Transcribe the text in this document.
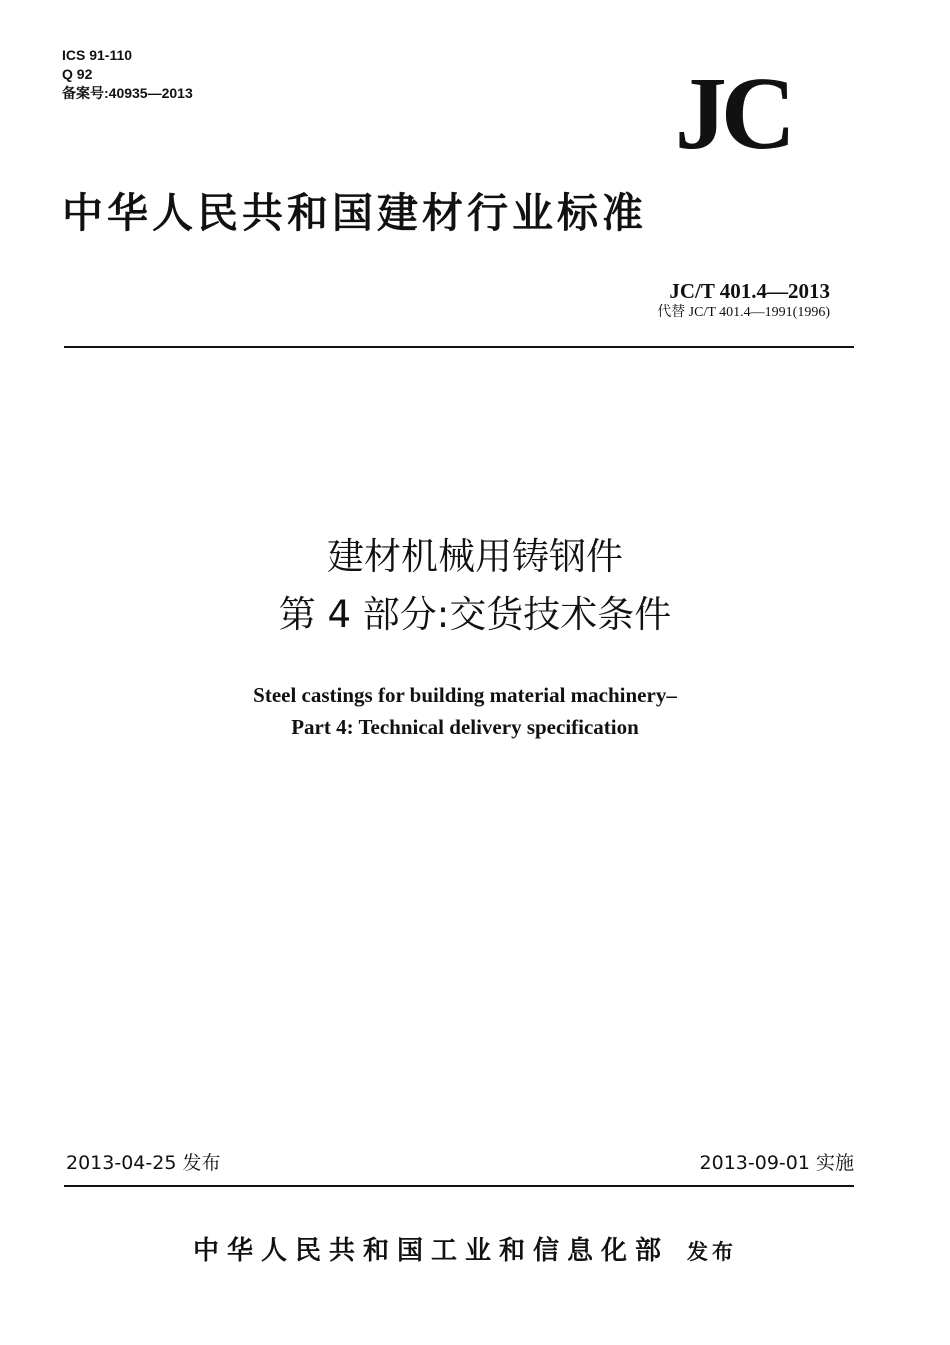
ICS 91-110
Q 92
备案号:40935—2013	JC
中华人民共和国建材行业标准
JC/T 401.4—2013
代替 JC/T 401.4—1991(1996)
建材机械用铸钢件
第 4 部分:交货技术条件
Steel castings for building material machinery–
Part 4: Technical delivery specification
2013-04-25 发布	2013-09-01 实施
中华人民共和国工业和信息化部 发布
